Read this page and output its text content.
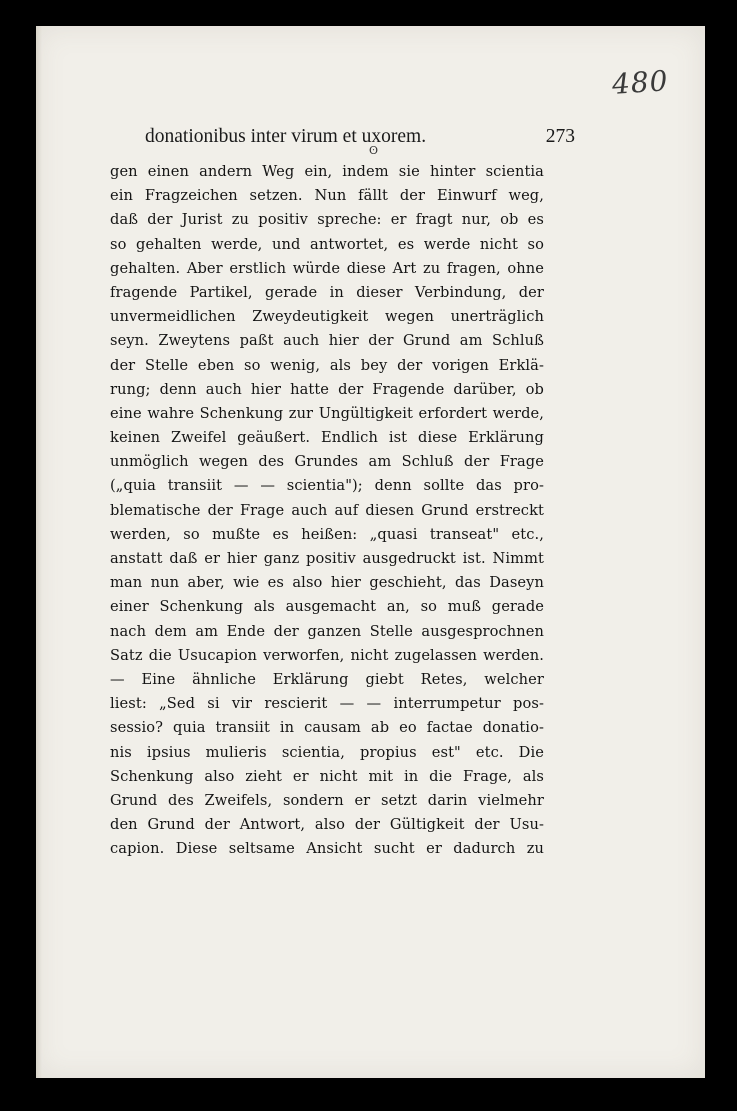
480
donationibus inter virum et uxorem.	273
ʘ
gen einen andern Weg ein, indem sie hinter scientia
ein Fragzeichen setzen. Nun fällt der Einwurf weg,
daß der Jurist zu positiv spreche: er fragt nur, ob es
so gehalten werde, und antwortet, es werde nicht so
gehalten. Aber erstlich würde diese Art zu fragen, ohne
fragende Partikel, gerade in dieser Verbindung, der
unvermeidlichen Zweydeutigkeit wegen unerträglich
seyn. Zweytens paßt auch hier der Grund am Schluß
der Stelle eben so wenig, als bey der vorigen Erklä-
rung; denn auch hier hatte der Fragende darüber, ob
eine wahre Schenkung zur Ungültigkeit erfordert werde,
keinen Zweifel geäußert. Endlich ist diese Erklärung
unmöglich wegen des Grundes am Schluß der Frage
(„quia transiit — — scientia"); denn sollte das pro-
blematische der Frage auch auf diesen Grund erstreckt
werden, so mußte es heißen: „quasi transeat" etc.,
anstatt daß er hier ganz positiv ausgedruckt ist. Nimmt
man nun aber, wie es also hier geschieht, das Daseyn
einer Schenkung als ausgemacht an, so muß gerade
nach dem am Ende der ganzen Stelle ausgesprochnen
Satz die Usucapion verworfen, nicht zugelassen werden.
— Eine ähnliche Erklärung giebt Retes, welcher
liest: „Sed si vir rescierit — — interrumpetur pos-
sessio? quia transiit in causam ab eo factae donatio-
nis ipsius mulieris scientia, propius est" etc. Die
Schenkung also zieht er nicht mit in die Frage, als
Grund des Zweifels, sondern er setzt darin vielmehr
den Grund der Antwort, also der Gültigkeit der Usu-
capion. Diese seltsame Ansicht sucht er dadurch zu
